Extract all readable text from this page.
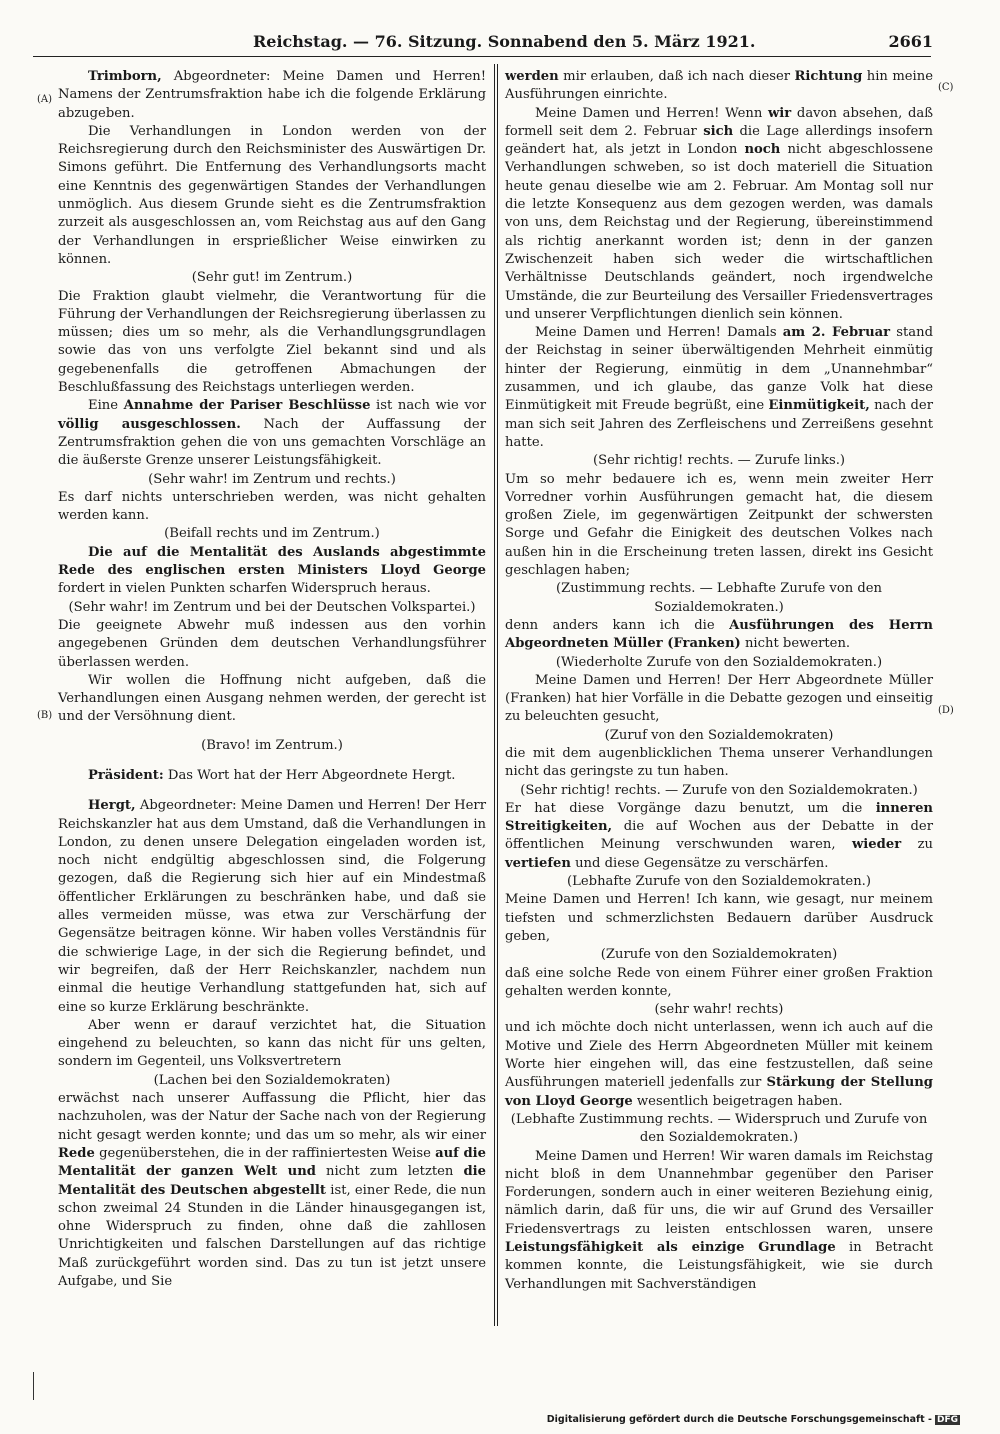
Reichstag. — 76. Sitzung. Sonnabend den 5. März 1921.	2661
(A)
(B)
(C)
(D)

Trimborn, Abgeordneter: Meine Damen und Herren! Namens der Zentrumsfraktion habe ich die folgende Erklärung abzugeben.

Die Verhandlungen in London werden von der Reichsregierung durch den Reichsminister des Auswärtigen Dr. Simons geführt. Die Entfernung des Verhandlungsorts macht eine Kenntnis des gegenwärtigen Standes der Verhandlungen unmöglich. Aus diesem Grunde sieht es die Zentrumsfraktion zurzeit als ausgeschlossen an, vom Reichstag aus auf den Gang der Verhandlungen in ersprießlicher Weise einwirken zu können.

(Sehr gut! im Zentrum.)

Die Fraktion glaubt vielmehr, die Verantwortung für die Führung der Verhandlungen der Reichsregierung überlassen zu müssen; dies um so mehr, als die Verhandlungsgrundlagen sowie das von uns verfolgte Ziel bekannt sind und als gegebenenfalls die getroffenen Abmachungen der Beschlußfassung des Reichstags unterliegen werden.

Eine Annahme der Pariser Beschlüsse ist nach wie vor völlig ausgeschlossen. Nach der Auffassung der Zentrumsfraktion gehen die von uns gemachten Vorschläge an die äußerste Grenze unserer Leistungsfähigkeit.

(Sehr wahr! im Zentrum und rechts.)

Es darf nichts unterschrieben werden, was nicht gehalten werden kann.

(Beifall rechts und im Zentrum.)

Die auf die Mentalität des Auslands abgestimmte Rede des englischen ersten Ministers Lloyd George fordert in vielen Punkten scharfen Widerspruch heraus.

(Sehr wahr! im Zentrum und bei der Deutschen Volkspartei.)

Die geeignete Abwehr muß indessen aus den vorhin angegebenen Gründen dem deutschen Verhandlungsführer überlassen werden.

Wir wollen die Hoffnung nicht aufgeben, daß die Verhandlungen einen Ausgang nehmen werden, der gerecht ist und der Versöhnung dient.

(Bravo! im Zentrum.)

Präsident: Das Wort hat der Herr Abgeordnete Hergt.

Hergt, Abgeordneter: Meine Damen und Herren! Der Herr Reichskanzler hat aus dem Umstand, daß die Verhandlungen in London, zu denen unsere Delegation eingeladen worden ist, noch nicht endgültig abgeschlossen sind, die Folgerung gezogen, daß die Regierung sich hier auf ein Mindestmaß öffentlicher Erklärungen zu beschränken habe, und daß sie alles vermeiden müsse, was etwa zur Verschärfung der Gegensätze beitragen könne. Wir haben volles Verständnis für die schwierige Lage, in der sich die Regierung befindet, und wir begreifen, daß der Herr Reichskanzler, nachdem nun einmal die heutige Verhandlung stattgefunden hat, sich auf eine so kurze Erklärung beschränkte.

Aber wenn er darauf verzichtet hat, die Situation eingehend zu beleuchten, so kann das nicht für uns gelten, sondern im Gegenteil, uns Volksvertretern

(Lachen bei den Sozialdemokraten)

erwächst nach unserer Auffassung die Pflicht, hier das nachzuholen, was der Natur der Sache nach von der Regierung nicht gesagt werden konnte; und das um so mehr, als wir einer Rede gegenüberstehen, die in der raffiniertesten Weise auf die Mentalität der ganzen Welt und nicht zum letzten die Mentalität des Deutschen abgestellt ist, einer Rede, die nun schon zweimal 24 Stunden in die Länder hinausgegangen ist, ohne Widerspruch zu finden, ohne daß die zahllosen Unrichtigkeiten und falschen Darstellungen auf das richtige Maß zurückgeführt worden sind. Das zu tun ist jetzt unsere Aufgabe, und Sie

werden mir erlauben, daß ich nach dieser Richtung hin meine Ausführungen einrichte.

Meine Damen und Herren! Wenn wir davon absehen, daß formell seit dem 2. Februar sich die Lage allerdings insofern geändert hat, als jetzt in London noch nicht abgeschlossene Verhandlungen schweben, so ist doch materiell die Situation heute genau dieselbe wie am 2. Februar. Am Montag soll nur die letzte Konsequenz aus dem gezogen werden, was damals von uns, dem Reichstag und der Regierung, übereinstimmend als richtig anerkannt worden ist; denn in der ganzen Zwischenzeit haben sich weder die wirtschaftlichen Verhältnisse Deutschlands geändert, noch irgendwelche Umstände, die zur Beurteilung des Versailler Friedensvertrages und unserer Verpflichtungen dienlich sein können.

Meine Damen und Herren! Damals am 2. Februar stand der Reichstag in seiner überwältigenden Mehrheit einmütig hinter der Regierung, einmütig in dem „Unannehmbar“ zusammen, und ich glaube, das ganze Volk hat diese Einmütigkeit mit Freude begrüßt, eine Einmütigkeit, nach der man sich seit Jahren des Zerfleischens und Zerreißens gesehnt hatte.

(Sehr richtig! rechts. — Zurufe links.)

Um so mehr bedauere ich es, wenn mein zweiter Herr Vorredner vorhin Ausführungen gemacht hat, die diesem großen Ziele, im gegenwärtigen Zeitpunkt der schwersten Sorge und Gefahr die Einigkeit des deutschen Volkes nach außen hin in die Erscheinung treten lassen, direkt ins Gesicht geschlagen haben;

(Zustimmung rechts. — Lebhafte Zurufe von den Sozialdemokraten.)

denn anders kann ich die Ausführungen des Herrn Abgeordneten Müller (Franken) nicht bewerten.

(Wiederholte Zurufe von den Sozialdemokraten.)

Meine Damen und Herren! Der Herr Abgeordnete Müller (Franken) hat hier Vorfälle in die Debatte gezogen und einseitig zu beleuchten gesucht,

(Zuruf von den Sozialdemokraten)

die mit dem augenblicklichen Thema unserer Verhandlungen nicht das geringste zu tun haben.

(Sehr richtig! rechts. — Zurufe von den Sozialdemokraten.)

Er hat diese Vorgänge dazu benutzt, um die inneren Streitigkeiten, die auf Wochen aus der Debatte in der öffentlichen Meinung verschwunden waren, wieder zu vertiefen und diese Gegensätze zu verschärfen.

(Lebhafte Zurufe von den Sozialdemokraten.)

Meine Damen und Herren! Ich kann, wie gesagt, nur meinem tiefsten und schmerzlichsten Bedauern darüber Ausdruck geben,

(Zurufe von den Sozialdemokraten)

daß eine solche Rede von einem Führer einer großen Fraktion gehalten werden konnte,

(sehr wahr! rechts)

und ich möchte doch nicht unterlassen, wenn ich auch auf die Motive und Ziele des Herrn Abgeordneten Müller mit keinem Worte hier eingehen will, das eine festzustellen, daß seine Ausführungen materiell jedenfalls zur Stärkung der Stellung von Lloyd George wesentlich beigetragen haben.

(Lebhafte Zustimmung rechts. — Widerspruch und Zurufe von den Sozialdemokraten.)

Meine Damen und Herren! Wir waren damals im Reichstag nicht bloß in dem Unannehmbar gegenüber den Pariser Forderungen, sondern auch in einer weiteren Beziehung einig, nämlich darin, daß für uns, die wir auf Grund des Versailler Friedensvertrags zu leisten entschlossen waren, unsere Leistungsfähigkeit als einzige Grundlage in Betracht kommen konnte, die Leistungsfähigkeit, wie sie durch Verhandlungen mit Sachverständigen

Digitalisierung gefördert durch die Deutsche Forschungsgemeinschaft - DFG
